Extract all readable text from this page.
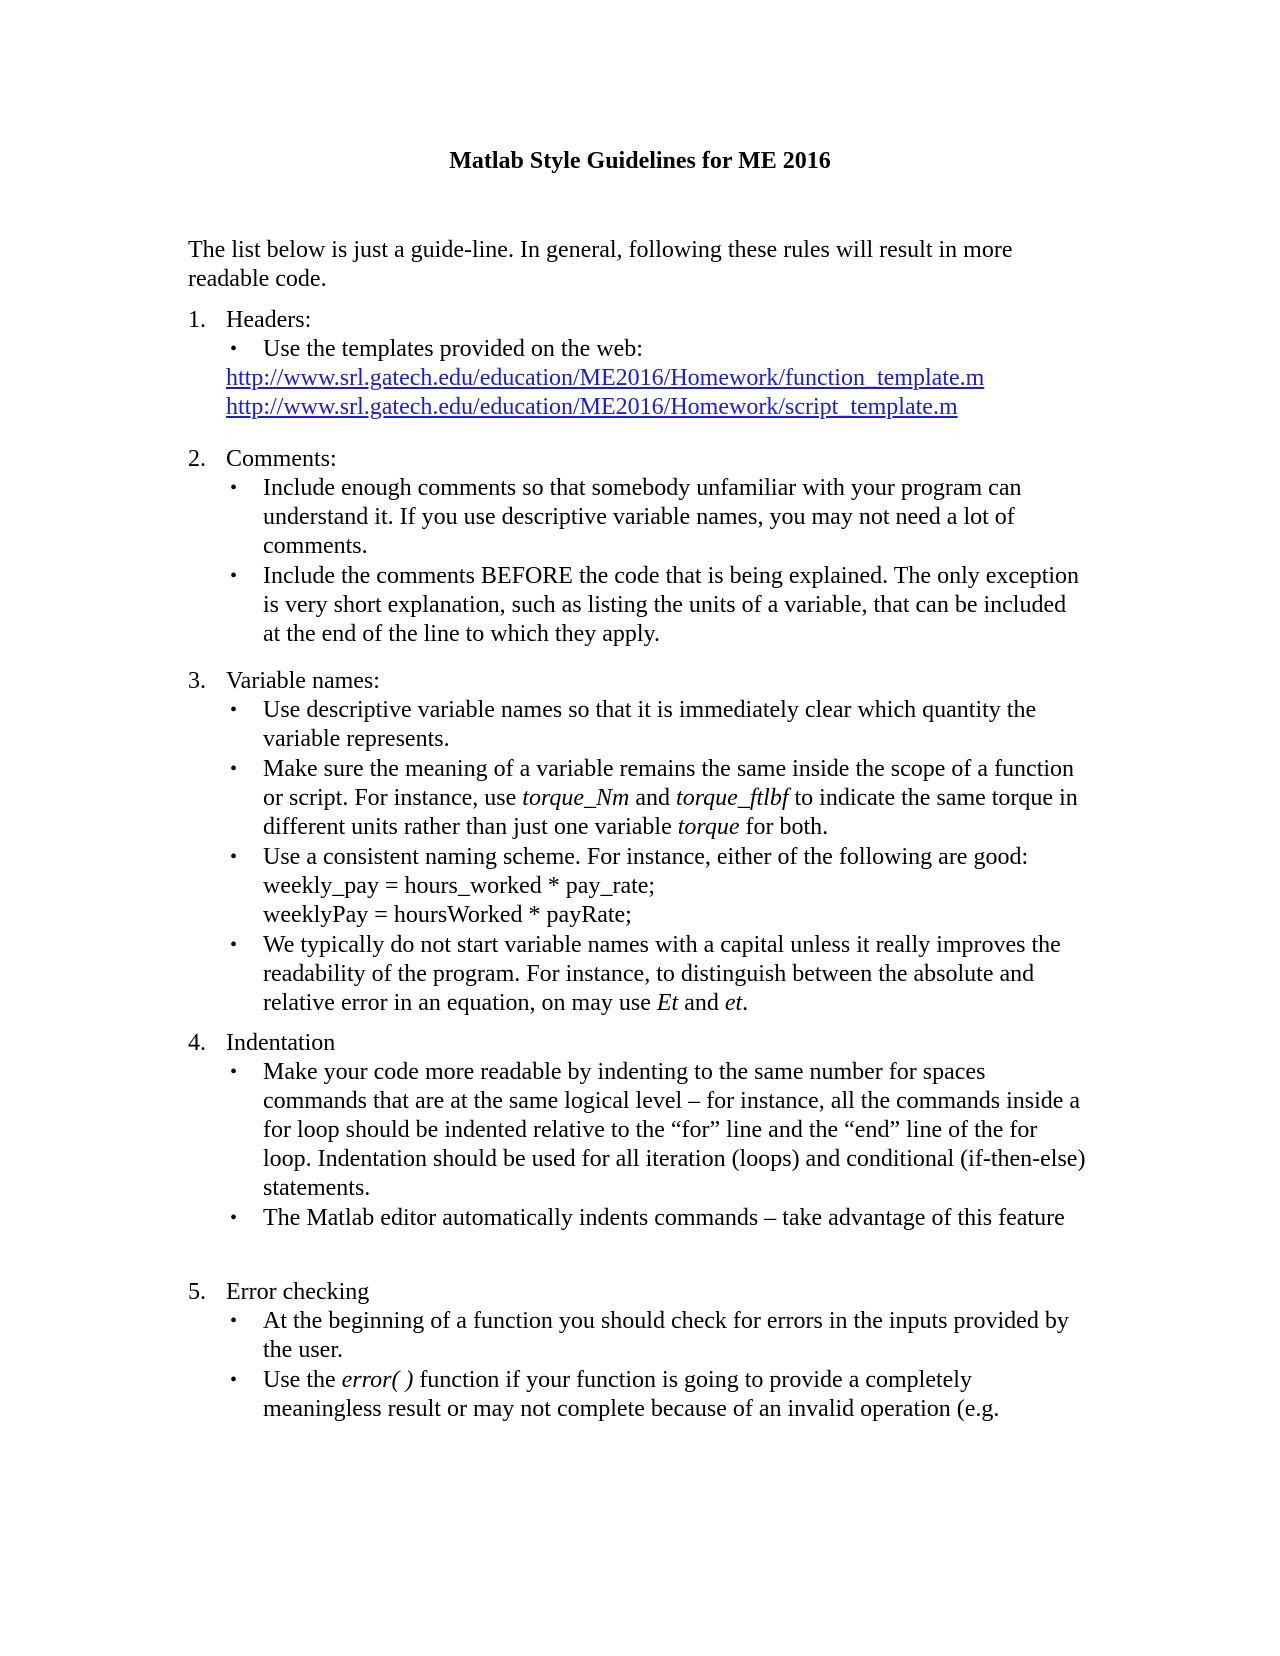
Matlab Style Guidelines for ME 2016

The list below is just a guide-line. In general, following these rules will result in more readable code.

1. Headers:
• Use the templates provided on the web:
http://www.srl.gatech.edu/education/ME2016/Homework/function_template.m
http://www.srl.gatech.edu/education/ME2016/Homework/script_template.m
2. Comments:
• Include enough comments so that somebody unfamiliar with your program can understand it. If you use descriptive variable names, you may not need a lot of comments.
• Include the comments BEFORE the code that is being explained. The only exception is very short explanation, such as listing the units of a variable, that can be included at the end of the line to which they apply.
3. Variable names:
• Use descriptive variable names so that it is immediately clear which quantity the variable represents.
• Make sure the meaning of a variable remains the same inside the scope of a function or script. For instance, use torque_Nm and torque_ftlbf to indicate the same torque in different units rather than just one variable torque for both.
• Use a consistent naming scheme. For instance, either of the following are good:
weekly_pay = hours_worked * pay_rate;
weeklyPay = hoursWorked * payRate;
• We typically do not start variable names with a capital unless it really improves the readability of the program. For instance, to distinguish between the absolute and relative error in an equation, on may use Et and et.
4. Indentation
• Make your code more readable by indenting to the same number for spaces commands that are at the same logical level – for instance, all the commands inside a for loop should be indented relative to the “for” line and the “end” line of the for loop. Indentation should be used for all iteration (loops) and conditional (if-then-else) statements.
• The Matlab editor automatically indents commands – take advantage of this feature
5. Error checking
• At the beginning of a function you should check for errors in the inputs provided by the user.
• Use the error( ) function if your function is going to provide a completely meaningless result or may not complete because of an invalid operation (e.g.
